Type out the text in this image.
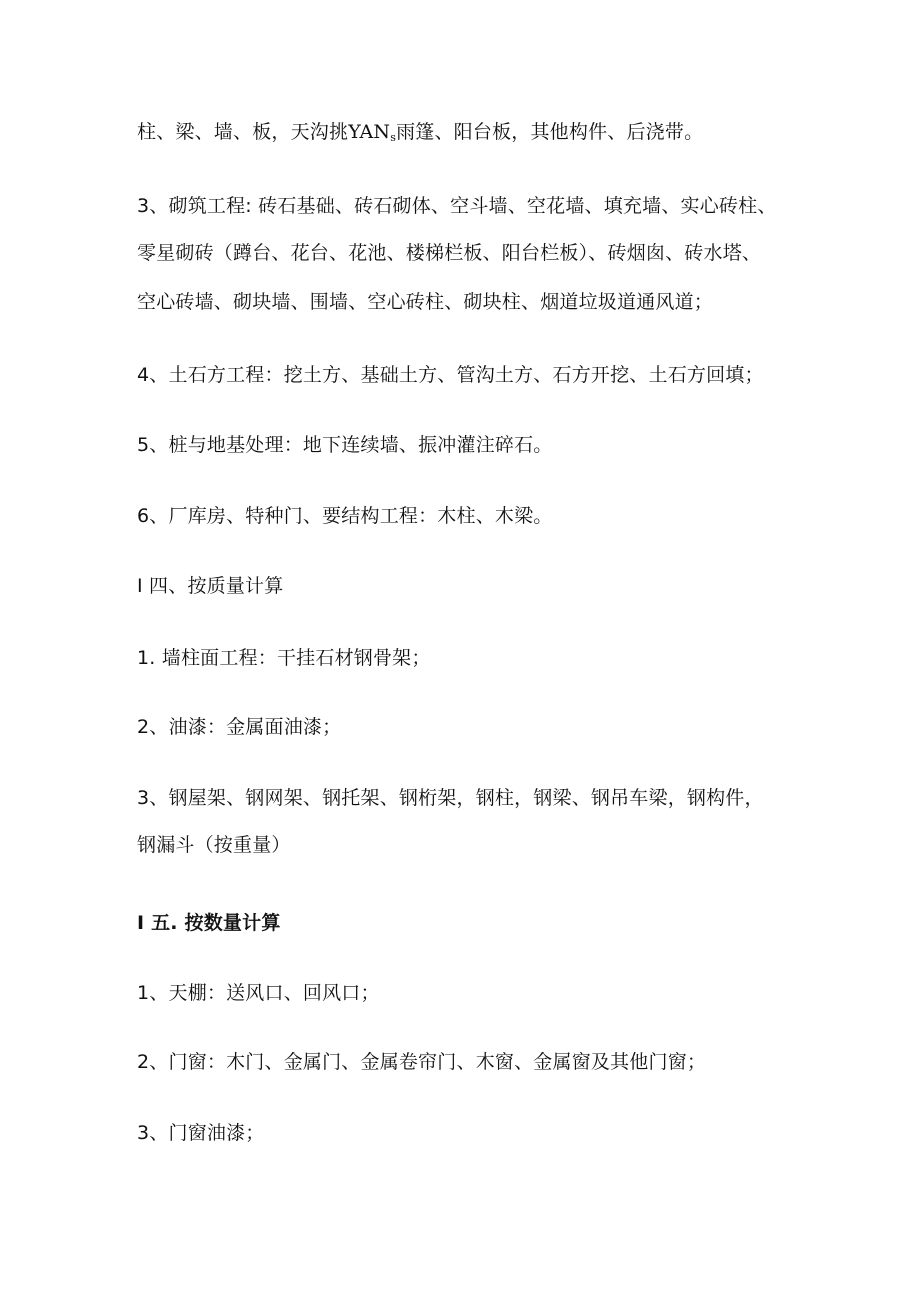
柱、梁、墙、板，天沟挑$YAN_s$雨篷、阳台板，其他构件、后浇带。
3、砌筑工程: 砖石基础、砖石砌体、空斗墙、空花墙、填充墙、实心砖柱、
零星砌砖（蹲台、花台、花池、楼梯栏板、阳台栏板）、砖烟囱、砖水塔、
空心砖墙、砌块墙、围墙、空心砖柱、砌块柱、烟道垃圾道通风道；
4、土石方工程：挖土方、基础土方、管沟土方、石方开挖、土石方回填；
5、桩与地基处理：地下连续墙、振冲灌注碎石。
6、厂库房、特种门、要结构工程：木柱、木梁。
I 四、按质量计算
1. 墙柱面工程：干挂石材钢骨架；
2、油漆：金属面油漆；
3、钢屋架、钢网架、钢托架、钢桁架，钢柱，钢梁、钢吊车梁，钢构件，
钢漏斗（按重量）
I 五. 按数量计算
1、天棚：送风口、回风口；
2、门窗：木门、金属门、金属卷帘门、木窗、金属窗及其他门窗；
3、门窗油漆；
